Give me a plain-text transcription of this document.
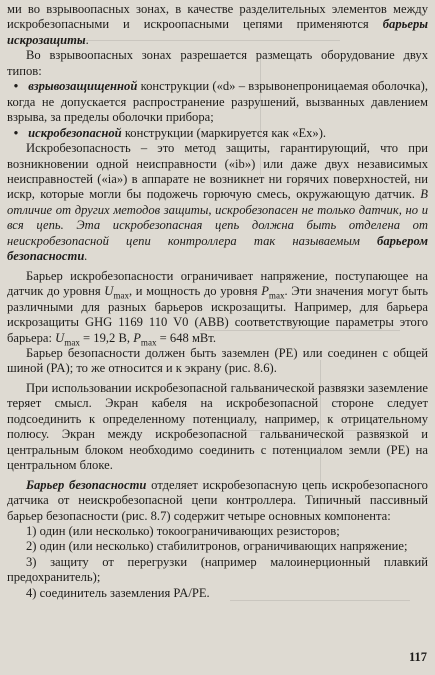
ми во взрывоопасных зонах, в качестве разделительных элементов между искробезопасными и искроопасными цепями применяются барьеры искрозащиты.

Во взрывоопасных зонах разрешается размещать оборудование двух типов:

• взрывозащищенной конструкции («d» – взрывонепроницаемая оболочка), когда не допускается распространение разрушений, вызванных давлением взрыва, за пределы оболочки прибора;

• искробезопасной конструкции (маркируется как «Ex»).

Искробезопасность – это метод защиты, гарантирующий, что при возникновении одной неисправности («ib») или даже двух независимых неисправностей («ia») в аппарате не возникнет ни горячих поверхностей, ни искр, которые могли бы подожечь горючую смесь, окружающую датчик. В отличие от других методов защиты, искробезопасен не только датчик, но и вся цепь. Эта искробезопасная цепь должна быть отделена от неискробезопасной цепи контроллера так называемым барьером безопасности.

Барьер искробезопасности ограничивает напряжение, поступающее на датчик до уровня $U_{max}$, и мощность до уровня $P_{max}$. Эти значения могут быть различными для разных барьеров искрозащиты. Например, для барьера искрозащиты GHG 1169 110 V0 (ABB) соответствующие параметры этого барьера: $U_{max} = 19,2$ В, $P_{max} = 648$ мВт.

Барьер безопасности должен быть заземлен (PE) или соединен с общей шиной (PA); то же относится и к экрану (рис. 8.6).

При использовании искробезопасной гальванической развязки заземление теряет смысл. Экран кабеля на искробезопасной стороне следует подсоединить к определенному потенциалу, например, к отрицательному полюсу. Экран между искробезопасной гальванической развязкой и центральным блоком необходимо соединить с потенциалом земли (PE) на центральном блоке.

Барьер безопасности отделяет искробезопасную цепь искробезопасного датчика от неискробезопасной цепи контроллера. Типичный пассивный барьер безопасности (рис. 8.7) содержит четыре основных компонента:

1) один (или несколько) токоограничивающих резисторов;

2) один (или несколько) стабилитронов, ограничивающих напряжение;

3) защиту от перегрузки (например малоинерционный плавкий предохранитель);

4) соединитель заземления PA/PE.

117
